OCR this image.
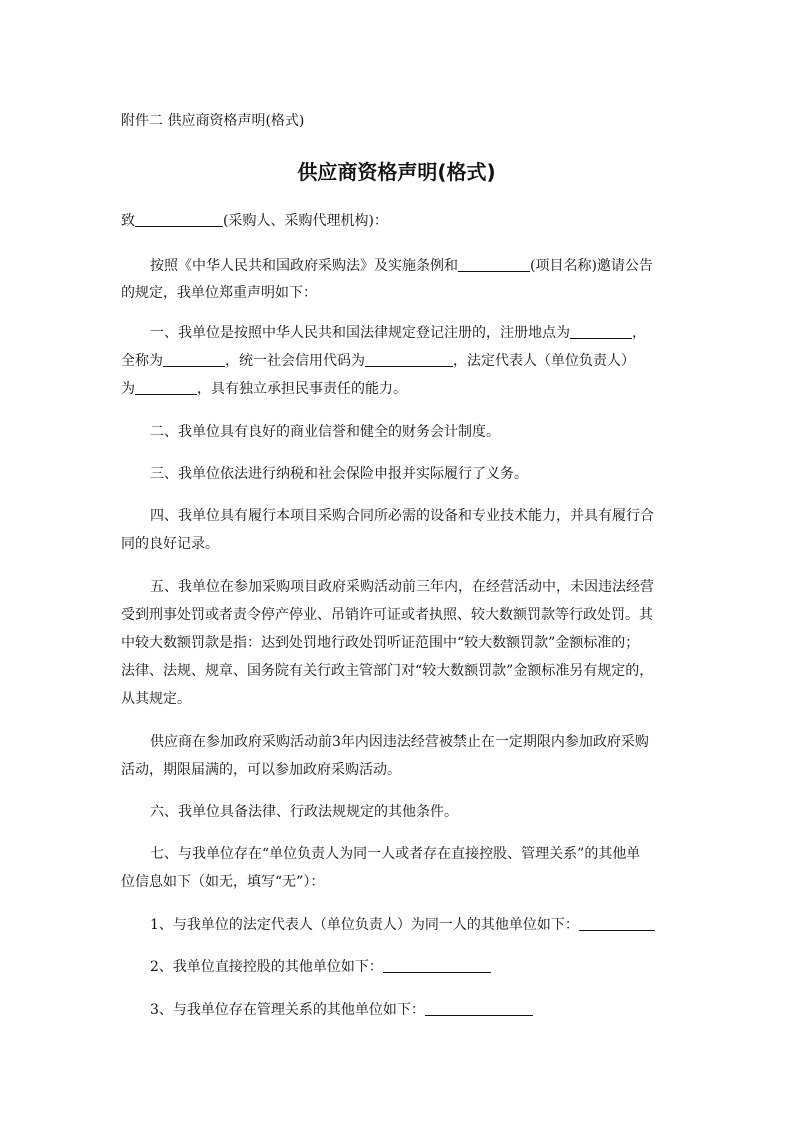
附件二 供应商资格声明(格式)
供应商资格声明(格式)
致	(采购人、采购代理机构)：
按照《中华人民共和国政府采购法》及实施条例和	(项目名称)邀请公告
的规定，我单位郑重声明如下：
一、我单位是按照中华人民共和国法律规定登记注册的，注册地点为	，
全称为	，统一社会信用代码为	，法定代表人（单位负责人）
为	，具有独立承担民事责任的能力。
二、我单位具有良好的商业信誉和健全的财务会计制度。
三、我单位依法进行纳税和社会保险申报并实际履行了义务。
四、我单位具有履行本项目采购合同所必需的设备和专业技术能力，并具有履行合
同的良好记录。
五、我单位在参加采购项目政府采购活动前三年内，在经营活动中，未因违法经营
受到刑事处罚或者责令停产停业、吊销许可证或者执照、较大数额罚款等行政处罚。其
中较大数额罚款是指：达到处罚地行政处罚听证范围中“较大数额罚款”金额标准的；
法律、法规、规章、国务院有关行政主管部门对“较大数额罚款”金额标准另有规定的，
从其规定。
供应商在参加政府采购活动前3年内因违法经营被禁止在一定期限内参加政府采购
活动，期限届满的，可以参加政府采购活动。
六、我单位具备法律、行政法规规定的其他条件。
七、与我单位存在“单位负责人为同一人或者存在直接控股、管理关系”的其他单
位信息如下（如无，填写“无”）：
1、与我单位的法定代表人（单位负责人）为同一人的其他单位如下：
2、我单位直接控股的其他单位如下：
3、与我单位存在管理关系的其他单位如下：
